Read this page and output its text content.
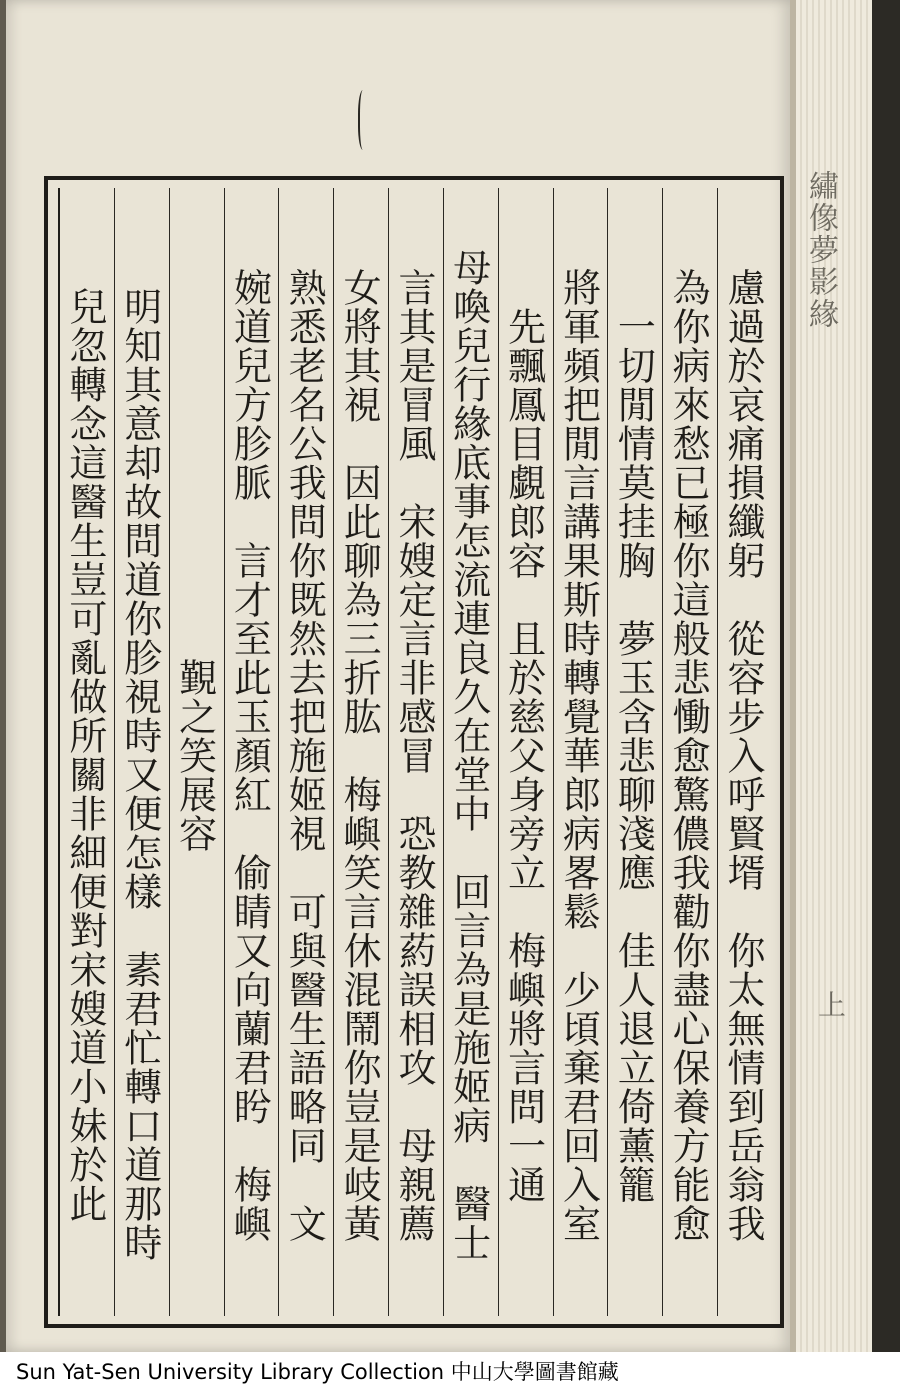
繡像夢影緣
上
慮過於哀痛損纖躬　從容步入呼賢壻　你太無情到岳翁我
為你病來愁已極你這般悲慟愈驚儂我勸你盡心保養方能愈
一切閒情莫挂胸　夢玉含悲聊淺應　佳人退立倚薰籠
將軍頻把閒言講果斯時轉覺華郎病畧鬆　少頃棄君回入室
先飄鳳目覷郎容　且於慈父身旁立　梅嶼將言問一通
母喚兒行緣底事怎流連良久在堂中　回言為是施姬病　醫士
言其是冒風　宋嫂定言非感冒　恐教雜葯誤相攻　母親薦
女將其視　因此聊為三折肱　梅嶼笑言休混鬧你豈是岐黃
熟悉老名公我問你既然去把施姬視　可與醫生語略同　文
婉道兒方胗脈　言才至此玉顏紅　偷睛又向蘭君盻　梅嶼
覲之笑展容
　明知其意却故問道你胗視時又便怎樣　素君忙轉口道那時
兒忽轉念這醫生豈可亂做所關非細便對宋嫂道小妹於此
Sun Yat-Sen University Library Collection 中山大學圖書館藏
